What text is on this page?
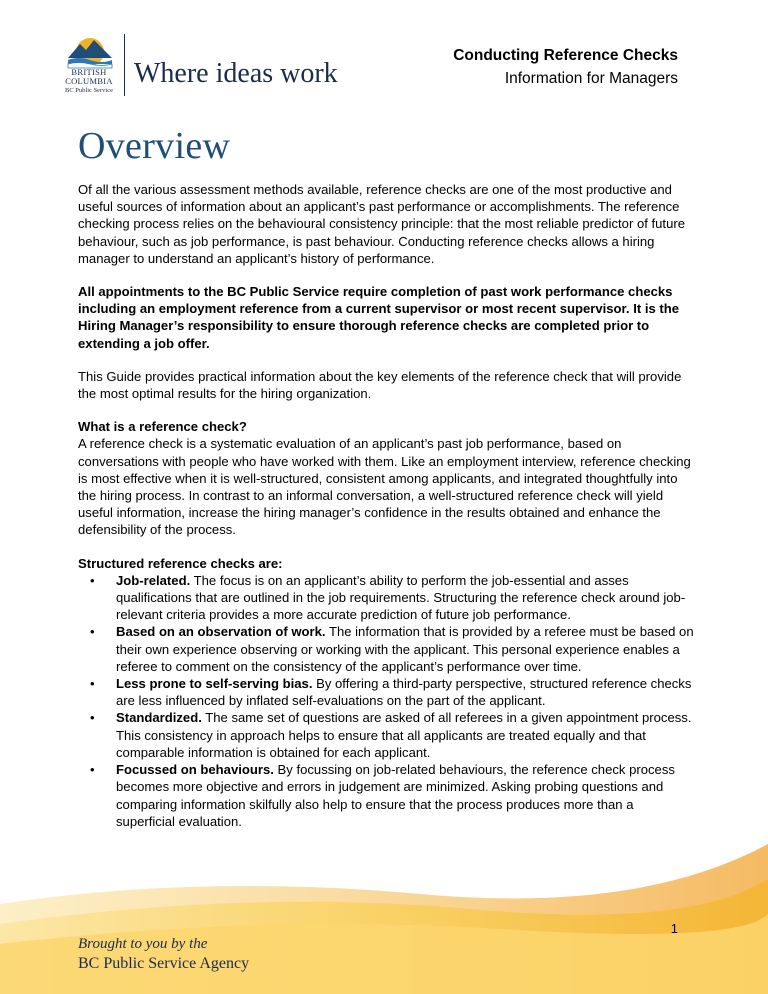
BRITISH
COLUMBIA
BC Public Service
Where ideas work
Conducting Reference Checks
Information for Managers
Overview

Of all the various assessment methods available, reference checks are one of the most productive and useful sources of information about an applicant’s past performance or accomplishments. The reference checking process relies on the behavioural consistency principle: that the most reliable predictor of future behaviour, such as job performance, is past behaviour. Conducting reference checks allows a hiring manager to understand an applicant’s history of performance.

All appointments to the BC Public Service require completion of past work performance checks including an employment reference from a current supervisor or most recent supervisor. It is the Hiring Manager’s responsibility to ensure thorough reference checks are completed prior to extending a job offer.

This Guide provides practical information about the key elements of the reference check that will provide the most optimal results for the hiring organization.

What is a reference check?
A reference check is a systematic evaluation of an applicant’s past job performance, based on conversations with people who have worked with them. Like an employment interview, reference checking is most effective when it is well-structured, consistent among applicants, and integrated thoughtfully into the hiring process. In contrast to an informal conversation, a well-structured reference check will yield useful information, increase the hiring manager’s confidence in the results obtained and enhance the defensibility of the process.

Structured reference checks are:
• Job-related. The focus is on an applicant’s ability to perform the job-essential and asses qualifications that are outlined in the job requirements. Structuring the reference check around job-relevant criteria provides a more accurate prediction of future job performance.
• Based on an observation of work. The information that is provided by a referee must be based on their own experience observing or working with the applicant. This personal experience enables a referee to comment on the consistency of the applicant’s performance over time.
• Less prone to self-serving bias. By offering a third-party perspective, structured reference checks are less influenced by inflated self-evaluations on the part of the applicant.
• Standardized. The same set of questions are asked of all referees in a given appointment process. This consistency in approach helps to ensure that all applicants are treated equally and that comparable information is obtained for each applicant.
• Focussed on behaviours. By focussing on job-related behaviours, the reference check process becomes more objective and errors in judgement are minimized. Asking probing questions and comparing information skilfully also help to ensure that the process produces more than a superficial evaluation.
1
Brought to you by the
BC Public Service Agency
